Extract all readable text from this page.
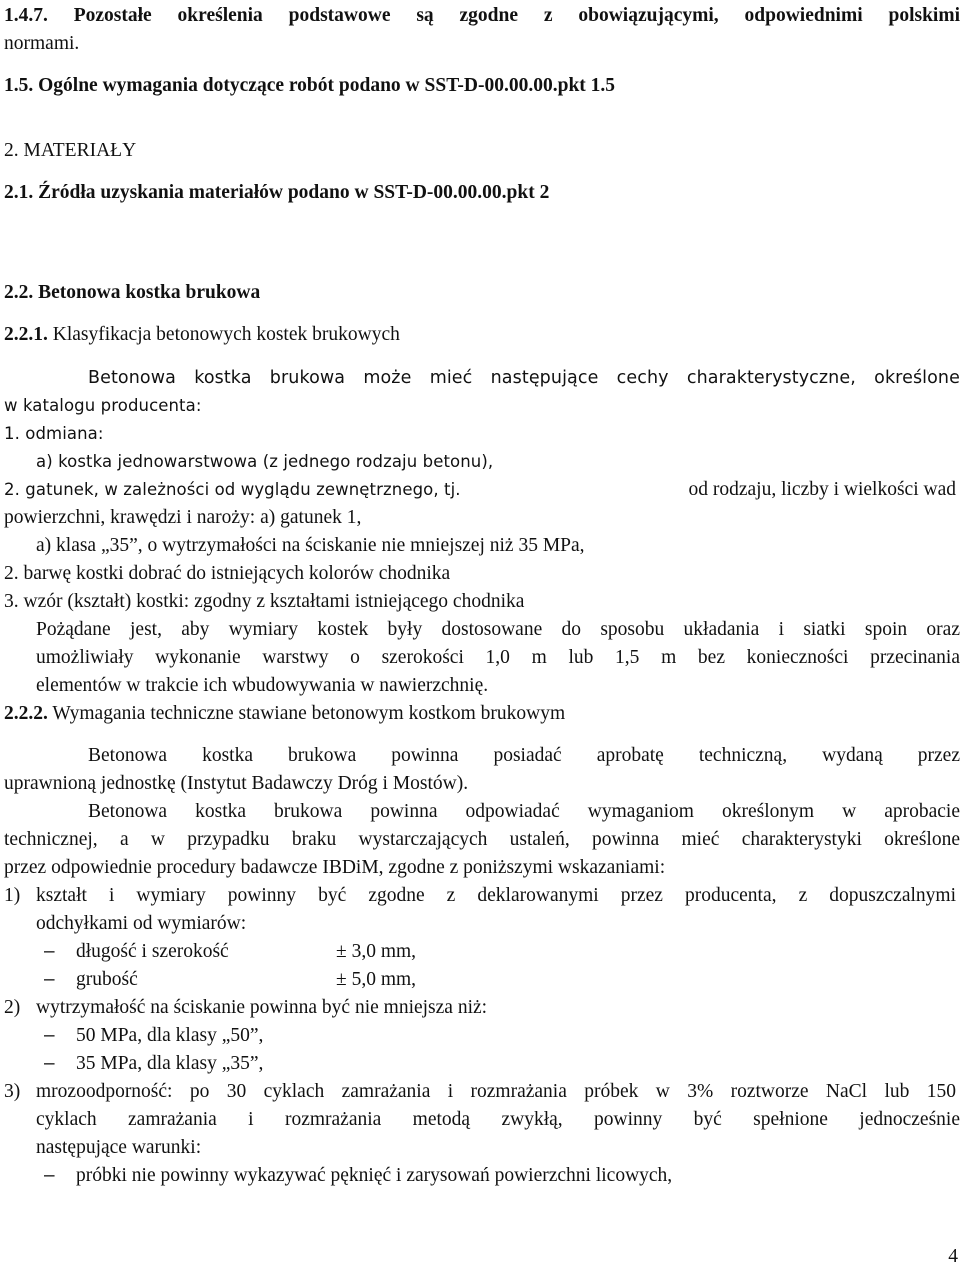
1.4.7. Pozostałe określenia podstawowe są zgodne z obowiązującymi, odpowiednimi polskimi
normami.
1.5. Ogólne wymagania dotyczące robót podano w SST-D-00.00.00.pkt 1.5
2. MATERIAŁY
2.1. Źródła uzyskania materiałów podano w SST-D-00.00.00.pkt 2
2.2. Betonowa kostka brukowa
2.2.1. Klasyfikacja betonowych kostek brukowych
Betonowa kostka brukowa może mieć następujące cechy charakterystyczne, określone
w katalogu producenta:
1. odmiana:
a) kostka jednowarstwowa (z jednego rodzaju betonu),
2. gatunek, w zależności od wyglądu zewnętrznego, tj.	od rodzaju, liczby i wielkości wad
powierzchni, krawędzi i naroży: a) gatunek 1,
a) klasa „35”, o wytrzymałości na ściskanie nie mniejszej niż 35 MPa,
2. barwę kostki dobrać do istniejących kolorów chodnika
3. wzór (kształt) kostki: zgodny z kształtami istniejącego chodnika
Pożądane jest, aby wymiary kostek były dostosowane do sposobu układania i siatki spoin oraz
umożliwiały wykonanie warstwy o szerokości 1,0 m lub 1,5 m bez konieczności przecinania
elementów w trakcie ich wbudowywania w nawierzchnię.
2.2.2. Wymagania techniczne stawiane betonowym kostkom brukowym
Betonowa kostka brukowa powinna posiadać aprobatę techniczną, wydaną przez
uprawnioną jednostkę (Instytut Badawczy Dróg i Mostów).
Betonowa kostka brukowa powinna odpowiadać wymaganiom określonym w aprobacie
technicznej, a w przypadku braku wystarczających ustaleń, powinna mieć charakterystyki określone
przez odpowiednie procedury badawcze IBDiM, zgodne z poniższymi wskazaniami:
1) kształt i wymiary powinny być zgodne z deklarowanymi przez producenta, z dopuszczalnymi
odchyłkami od wymiarów:
– długość i szerokość	± 3,0 mm,
– grubość	± 5,0 mm,
2) wytrzymałość na ściskanie powinna być nie mniejsza niż:
– 50 MPa, dla klasy „50”,
– 35 MPa, dla klasy „35”,
3) mrozoodporność: po 30 cyklach zamrażania i rozmrażania próbek w 3% roztworze NaCl lub 150
cyklach zamrażania i rozmrażania metodą zwykłą, powinny być spełnione jednocześnie
następujące warunki:
– próbki nie powinny wykazywać pęknięć i zarysowań powierzchni licowych,
4
